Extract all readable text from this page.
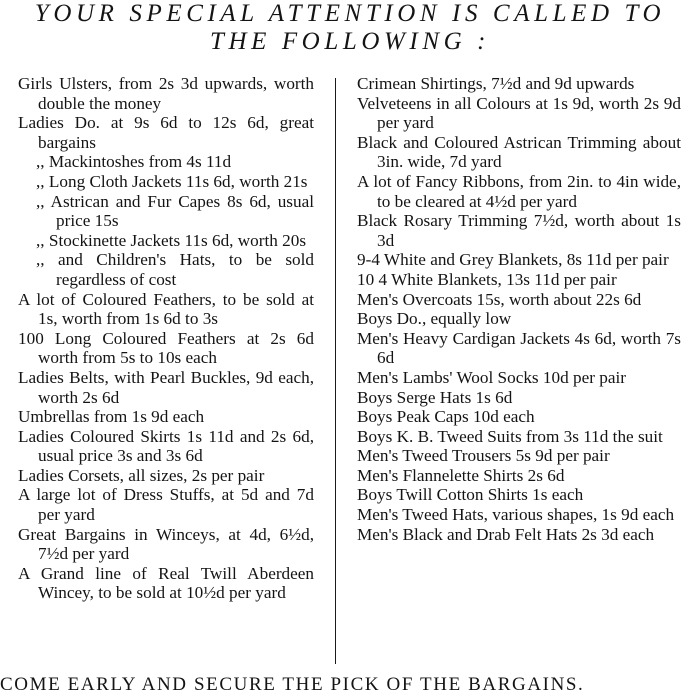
YOUR SPECIAL ATTENTION IS CALLED TO
THE FOLLOWING :
Girls Ulsters, from 2s 3d upwards, worth double the money
Ladies Do. at 9s 6d to 12s 6d, great bargains
,, Mackintoshes from 4s 11d
,, Long Cloth Jackets 11s 6d, worth 21s
,, Astrican and Fur Capes 8s 6d, usual price 15s
,, Stockinette Jackets 11s 6d, worth 20s
,, and Children's Hats, to be sold regardless of cost
A lot of Coloured Feathers, to be sold at 1s, worth from 1s 6d to 3s
100 Long Coloured Feathers at 2s 6d worth from 5s to 10s each
Ladies Belts, with Pearl Buckles, 9d each, worth 2s 6d
Umbrellas from 1s 9d each
Ladies Coloured Skirts 1s 11d and 2s 6d, usual price 3s and 3s 6d
Ladies Corsets, all sizes, 2s per pair
A large lot of Dress Stuffs, at 5d and 7d per yard
Great Bargains in Winceys, at 4d, 6½d, 7½d per yard
A Grand line of Real Twill Aberdeen Wincey, to be sold at 10½d per yard
Crimean Shirtings, 7½d and 9d upwards
Velveteens in all Colours at 1s 9d, worth 2s 9d per yard
Black and Coloured Astrican Trimming about 3in. wide, 7d yard
A lot of Fancy Ribbons, from 2in. to 4in wide, to be cleared at 4½d per yard
Black Rosary Trimming 7½d, worth about 1s 3d
9-4 White and Grey Blankets, 8s 11d per pair
10 4 White Blankets, 13s 11d per pair
Men's Overcoats 15s, worth about 22s 6d
Boys Do., equally low
Men's Heavy Cardigan Jackets 4s 6d, worth 7s 6d
Men's Lambs' Wool Socks 10d per pair
Boys Serge Hats 1s 6d
Boys Peak Caps 10d each
Boys K. B. Tweed Suits from 3s 11d the suit
Men's Tweed Trousers 5s 9d per pair
Men's Flannelette Shirts 2s 6d
Boys Twill Cotton Shirts 1s each
Men's Tweed Hats, various shapes, 1s 9d each
Men's Black and Drab Felt Hats 2s 3d each
COME EARLY AND SECURE THE PICK OF THE BARGAINS.
